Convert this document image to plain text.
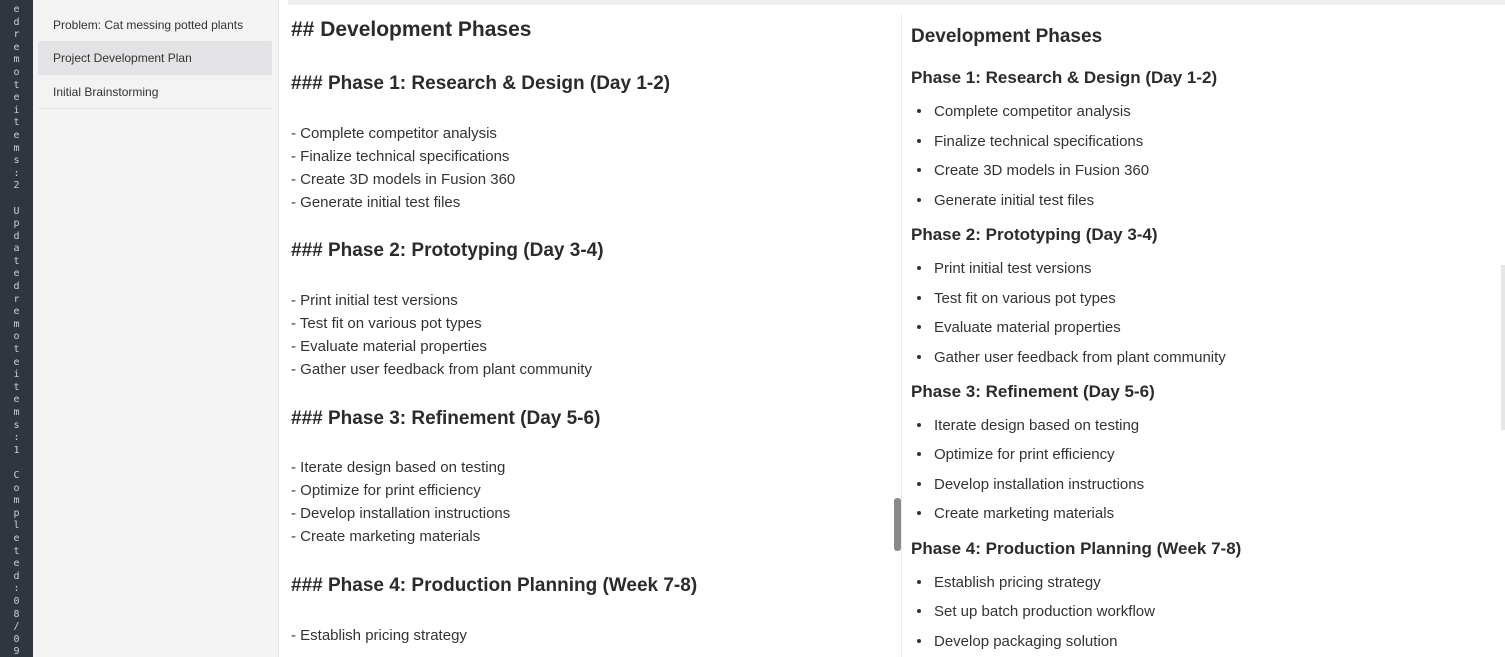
e
d
r
e
m
o
t
e
i
t
e
m
s
:
2

U
p
d
a
t
e
d
r
e
m
o
t
e
i
t
e
m
s
:
1

C
o
m
p
l
e
t
e
d
:
0
8
/
0
9
Problem: Cat messing potted plants
Project Development Plan
Initial Brainstorming
## Development Phases
### Phase 1: Research & Design (Day 1-2)
- Complete competitor analysis
- Finalize technical specifications
- Create 3D models in Fusion 360
- Generate initial test files
### Phase 2: Prototyping (Day 3-4)
- Print initial test versions
- Test fit on various pot types
- Evaluate material properties
- Gather user feedback from plant community
### Phase 3: Refinement (Day 5-6)
- Iterate design based on testing
- Optimize for print efficiency
- Develop installation instructions
- Create marketing materials
### Phase 4: Production Planning (Week 7-8)
- Establish pricing strategy
Development Phases
Phase 1: Research & Design (Day 1-2)
Complete competitor analysis
Finalize technical specifications
Create 3D models in Fusion 360
Generate initial test files
Phase 2: Prototyping (Day 3-4)
Print initial test versions
Test fit on various pot types
Evaluate material properties
Gather user feedback from plant community
Phase 3: Refinement (Day 5-6)
Iterate design based on testing
Optimize for print efficiency
Develop installation instructions
Create marketing materials
Phase 4: Production Planning (Week 7-8)
Establish pricing strategy
Set up batch production workflow
Develop packaging solution
